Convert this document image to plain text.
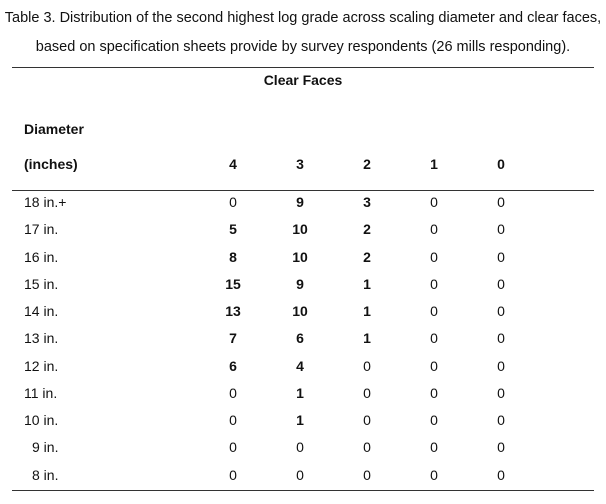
Table 3. Distribution of the second highest log grade across scaling diameter and clear faces,
based on specification sheets provide by survey respondents (26 mills responding).
Clear Faces
Diameter
(inches)	4	3	2	1	0
18 in.+	0	9	3	0	0
17 in.	5	10	2	0	0
16 in.	8	10	2	0	0
15 in.	15	9	1	0	0
14 in.	13	10	1	0	0
13 in.	7	6	1	0	0
12 in.	6	4	0	0	0
11 in.	0	1	0	0	0
10 in.	0	1	0	0	0
9 in.	0	0	0	0	0
8 in.	0	0	0	0	0
